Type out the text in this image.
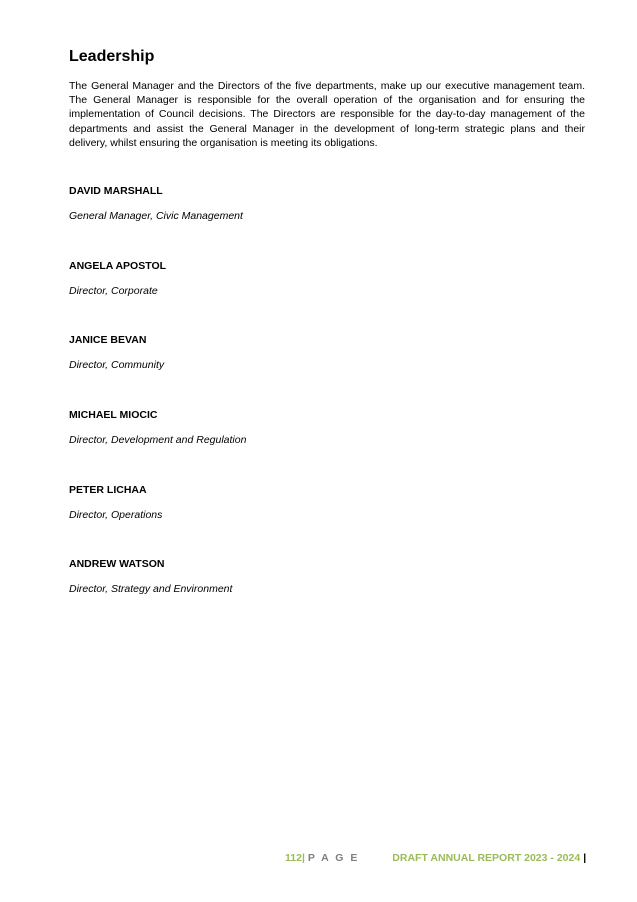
Leadership

The General Manager and the Directors of the five departments, make up our executive management team. The General Manager is responsible for the overall operation of the organisation and for ensuring the implementation of Council decisions. The Directors are responsible for the day-to-day management of the departments and assist the General Manager in the development of long-term strategic plans and their delivery, whilst ensuring the organisation is meeting its obligations.

DAVID MARSHALL

General Manager, Civic Management

ANGELA APOSTOL

Director, Corporate

JANICE BEVAN

Director, Community

MICHAEL MIOCIC

Director, Development and Regulation

PETER LICHAA

Director, Operations

ANDREW WATSON

Director, Strategy and Environment

112| P A G E	DRAFT ANNUAL REPORT 2023 - 2024 |
